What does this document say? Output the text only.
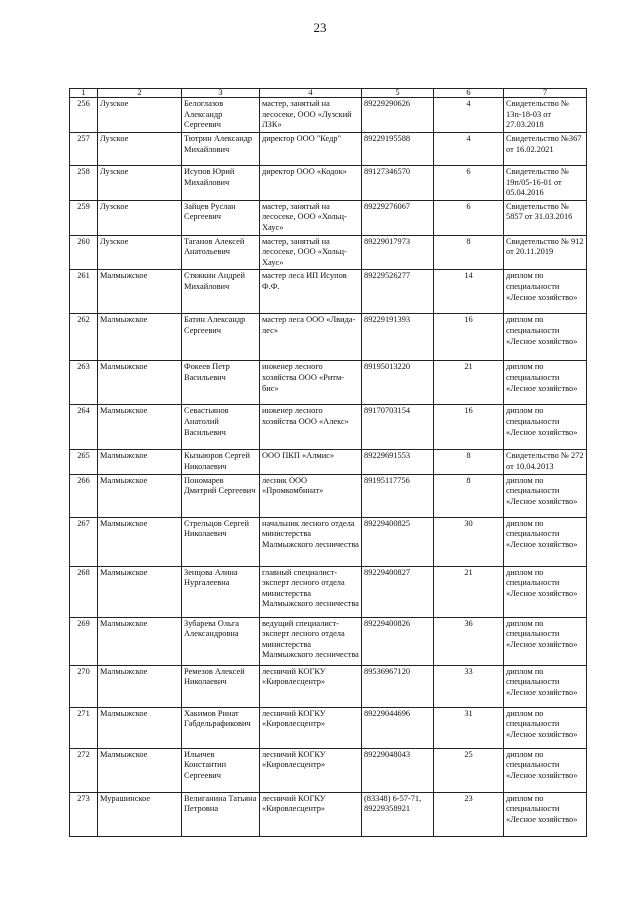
23
1	2	3	4	5	6	7
256	Лузское	Белоглазов Александр Сергеевич	мастер, занятый на лесосеке, ООО «Лузский ЛЗК»	89229290626	4	Свидетельство № 13п-18-03 от 27.03.2018
257	Лузское	Тютрин Александр Михайлович	директор ООО "Кедр"	89229195588	4	Свидетельство №367 от 16.02.2021
258	Лузское	Исупов Юрий Михайлович	директор ООО «Кодок»	89127346570	6	Свидетельство № 19п/05-16-01 от 05.04.2016
259	Лузское	Зайцев Руслан Сергеевич	мастер, занятый на лесосеке, ООО «Хольц-Хаус»	89229276067	6	Свидетельство № 5857 от 31.03.2016
260	Лузское	Таганов Алексей Анатольевич	мастер, занятый на лесосеке, ООО «Хольц-Хаус»	89229017973	8	Свидетельство № 912 от 20.11.2019
261	Малмыжское	Стяжкин Андрей Михайлович	мастер леса ИП Исупов Ф.Ф.	89229526277	14	диплом по специальности «Лесное хозяйство»
262	Малмыжское	Батин Александр Сергеевич	мастер леса ООО «Лвида-лес»	89229191393	16	диплом по специальности «Лесное хозяйство»
263	Малмыжское	Фокеев Петр Васильевич	инженер лесного хозяйства ООО «Ритм-бис»	89195013220	21	диплом по специальности «Лесное хозяйство»
264	Малмыжское	Севастьянов Анатолий Васильевич	инженер лесного хозяйства ООО «Алекс»	89170703154	16	диплом по специальности «Лесное хозяйство»
265	Малмыжское	Кызыюров Сергей Николаевич	ООО ПКП «Алмис»	89229691553	8	Свидетельство № 272 от 10.04.2013
266	Малмыжское	Пономарев Дмитрий Сергеевич	лесник ООО «Промкомбинат»	89195117756	8	диплом по специальности «Лесное хозяйство»
267	Малмыжское	Стрельцов Сергей Николаевич	начальник лесного отдела министерства Малмыжского лесничества	89229400825	30	диплом по специальности «Лесное хозяйство»
268	Малмыжское	Зенцова Алина Нургалеевна	главный специалист-эксперт лесного отдела министерства Малмыжского лесничества	89229400827	21	диплом по специальности «Лесное хозяйство»
269	Малмыжское	Зубарева Ольга Александровна	ведущий специалист-эксперт лесного отдела министерства Малмыжского лесничества	89229400826	36	диплом по специальности «Лесное хозяйство»
270	Малмыжское	Ремезов Алексей Николаевич	лесничий КОГКУ «Кировлесцентр»	89536967120	33	диплом по специальности «Лесное хозяйство»
271	Малмыжское	Хакимов Ринат Габдельрафикович	лесничий КОГКУ «Кировлесцентр»	89229044696	31	диплом по специальности «Лесное хозяйство»
272	Малмыжское	Ильичев Константин Сергеевич	лесничий КОГКУ «Кировлесцентр»	89229048043	25	диплом по специальности «Лесное хозяйство»
273	Мурашинское	Велиганина Татьяна Петровна	лесничий КОГКУ «Кировлесцентр»	(83348) 6-57-71, 89229358921	23	диплом по специальности «Лесное хозяйство»
